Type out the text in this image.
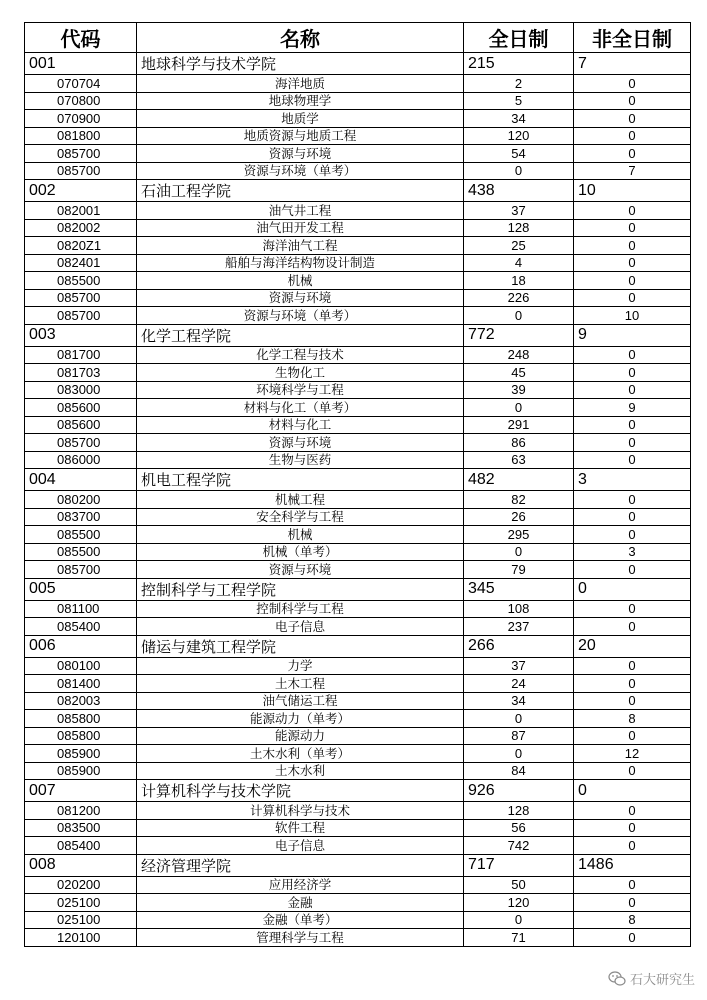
代码	名称	全日制	非全日制
001	地球科学与技术学院	215	7
070704	海洋地质	2	0
070800	地球物理学	5	0
070900	地质学	34	0
081800	地质资源与地质工程	120	0
085700	资源与环境	54	0
085700	资源与环境（单考）	0	7
002	石油工程学院	438	10
082001	油气井工程	37	0
082002	油气田开发工程	128	0
0820Z1	海洋油气工程	25	0
082401	船舶与海洋结构物设计制造	4	0
085500	机械	18	0
085700	资源与环境	226	0
085700	资源与环境（单考）	0	10
003	化学工程学院	772	9
081700	化学工程与技术	248	0
081703	生物化工	45	0
083000	环境科学与工程	39	0
085600	材料与化工（单考）	0	9
085600	材料与化工	291	0
085700	资源与环境	86	0
086000	生物与医药	63	0
004	机电工程学院	482	3
080200	机械工程	82	0
083700	安全科学与工程	26	0
085500	机械	295	0
085500	机械（单考）	0	3
085700	资源与环境	79	0
005	控制科学与工程学院	345	0
081100	控制科学与工程	108	0
085400	电子信息	237	0
006	储运与建筑工程学院	266	20
080100	力学	37	0
081400	土木工程	24	0
082003	油气储运工程	34	0
085800	能源动力（单考）	0	8
085800	能源动力	87	0
085900	土木水利（单考）	0	12
085900	土木水利	84	0
007	计算机科学与技术学院	926	0
081200	计算机科学与技术	128	0
083500	软件工程	56	0
085400	电子信息	742	0
008	经济管理学院	717	1486
020200	应用经济学	50	0
025100	金融	120	0
025100	金融（单考）	0	8
120100	管理科学与工程	71	0
石大研究生
